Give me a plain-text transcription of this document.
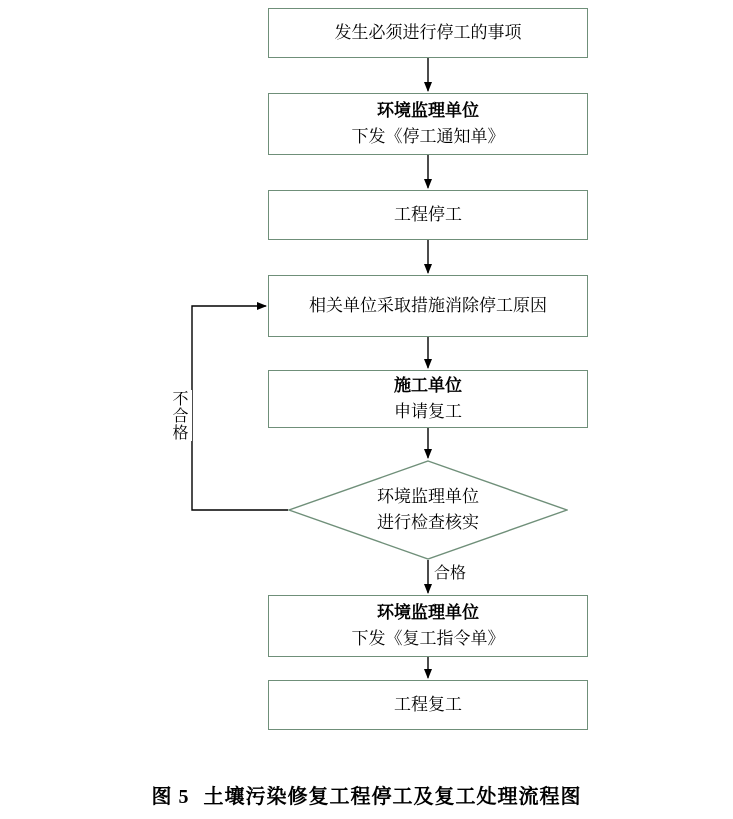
发生必须进行停工的事项
环境监理单位
下发《停工通知单》
工程停工
相关单位采取措施消除停工原因
施工单位
申请复工
环境监理单位
进行检查核实
环境监理单位
下发《复工指令单》
工程复工
合格
不合格
图 5 土壤污染修复工程停工及复工处理流程图
